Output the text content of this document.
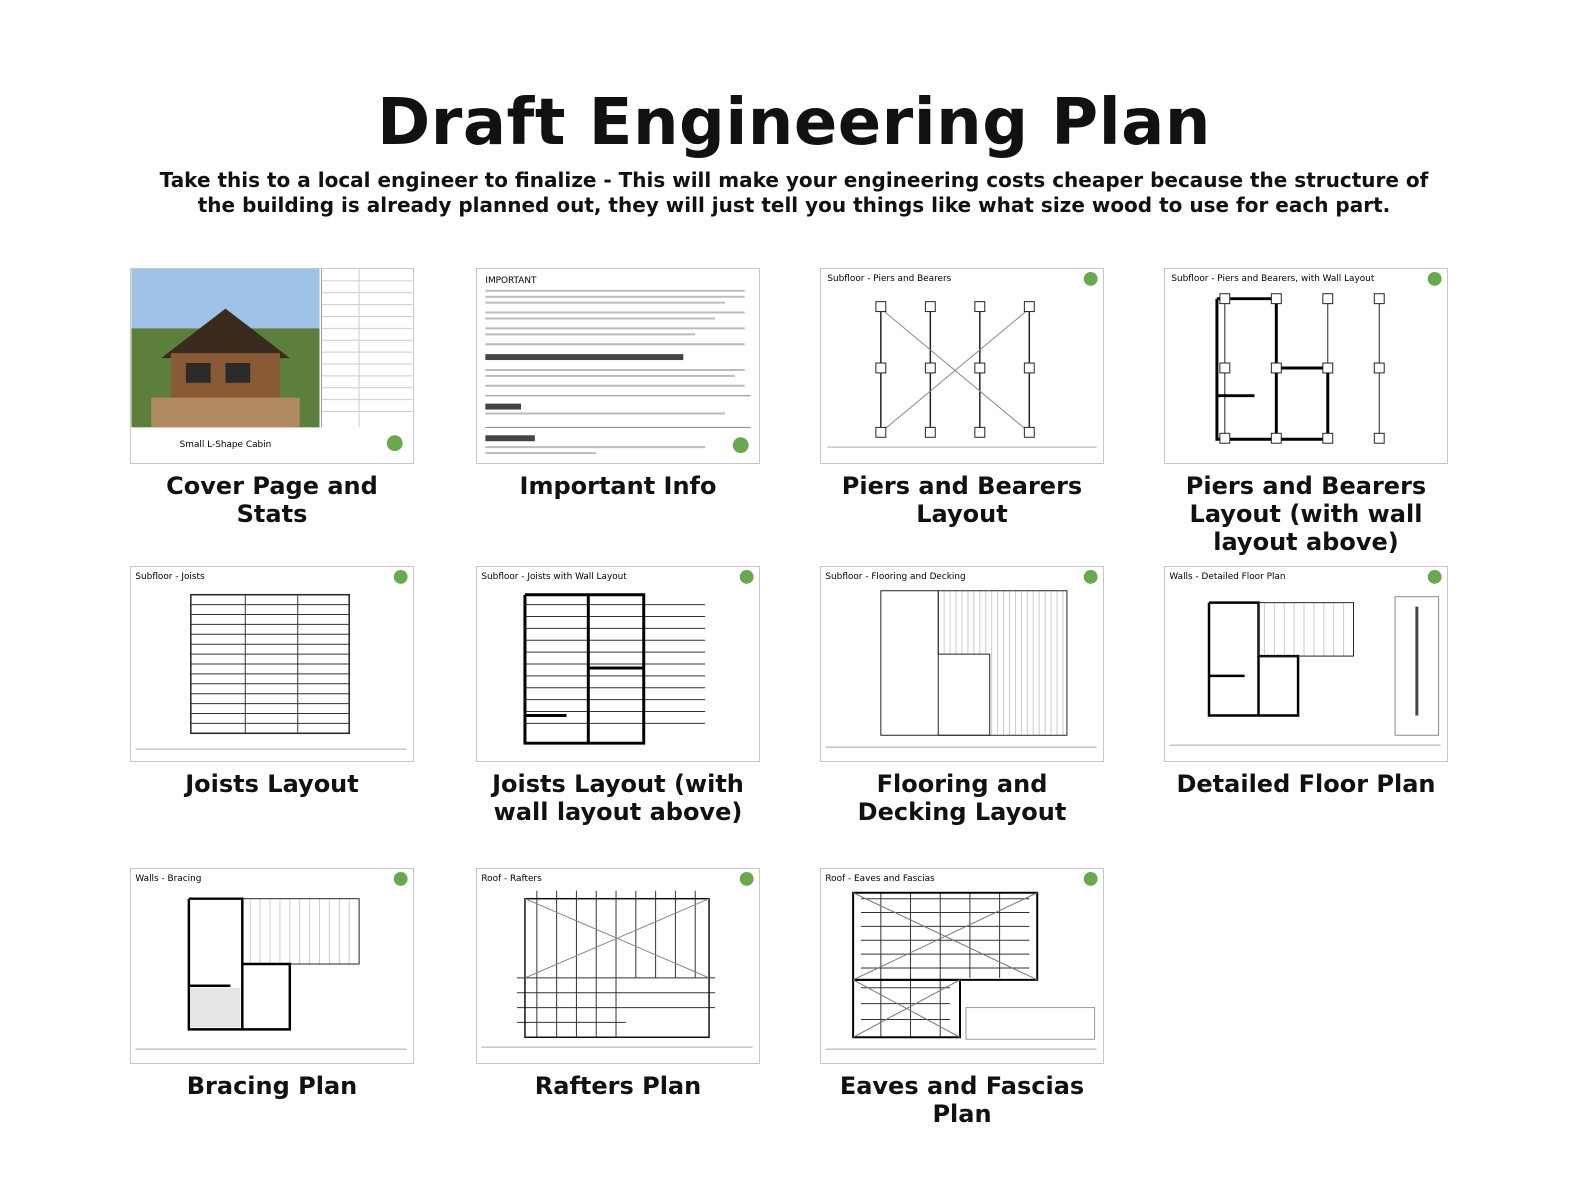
Draft Engineering Plan

Take this to a local engineer to finalize - This will make your engineering costs cheaper because the structure of the building is already planned out, they will just tell you things like what size wood to use for each part.

Small L-Shape Cabin
Cover Page and Stats
IMPORTANT
Important Info
Subfloor - Piers and Bearers
Piers and Bearers Layout
Subfloor - Piers and Bearers, with Wall Layout
Piers and Bearers Layout (with wall layout above)
Subfloor - Joists
Joists Layout
Subfloor - Joists with Wall Layout
Joists Layout (with wall layout above)
Subfloor - Flooring and Decking
Flooring and Decking Layout
Walls - Detailed Floor Plan
Detailed Floor Plan
Walls - Bracing
Bracing Plan
Roof - Rafters
Rafters Plan
Roof - Eaves and Fascias
Eaves and Fascias Plan
